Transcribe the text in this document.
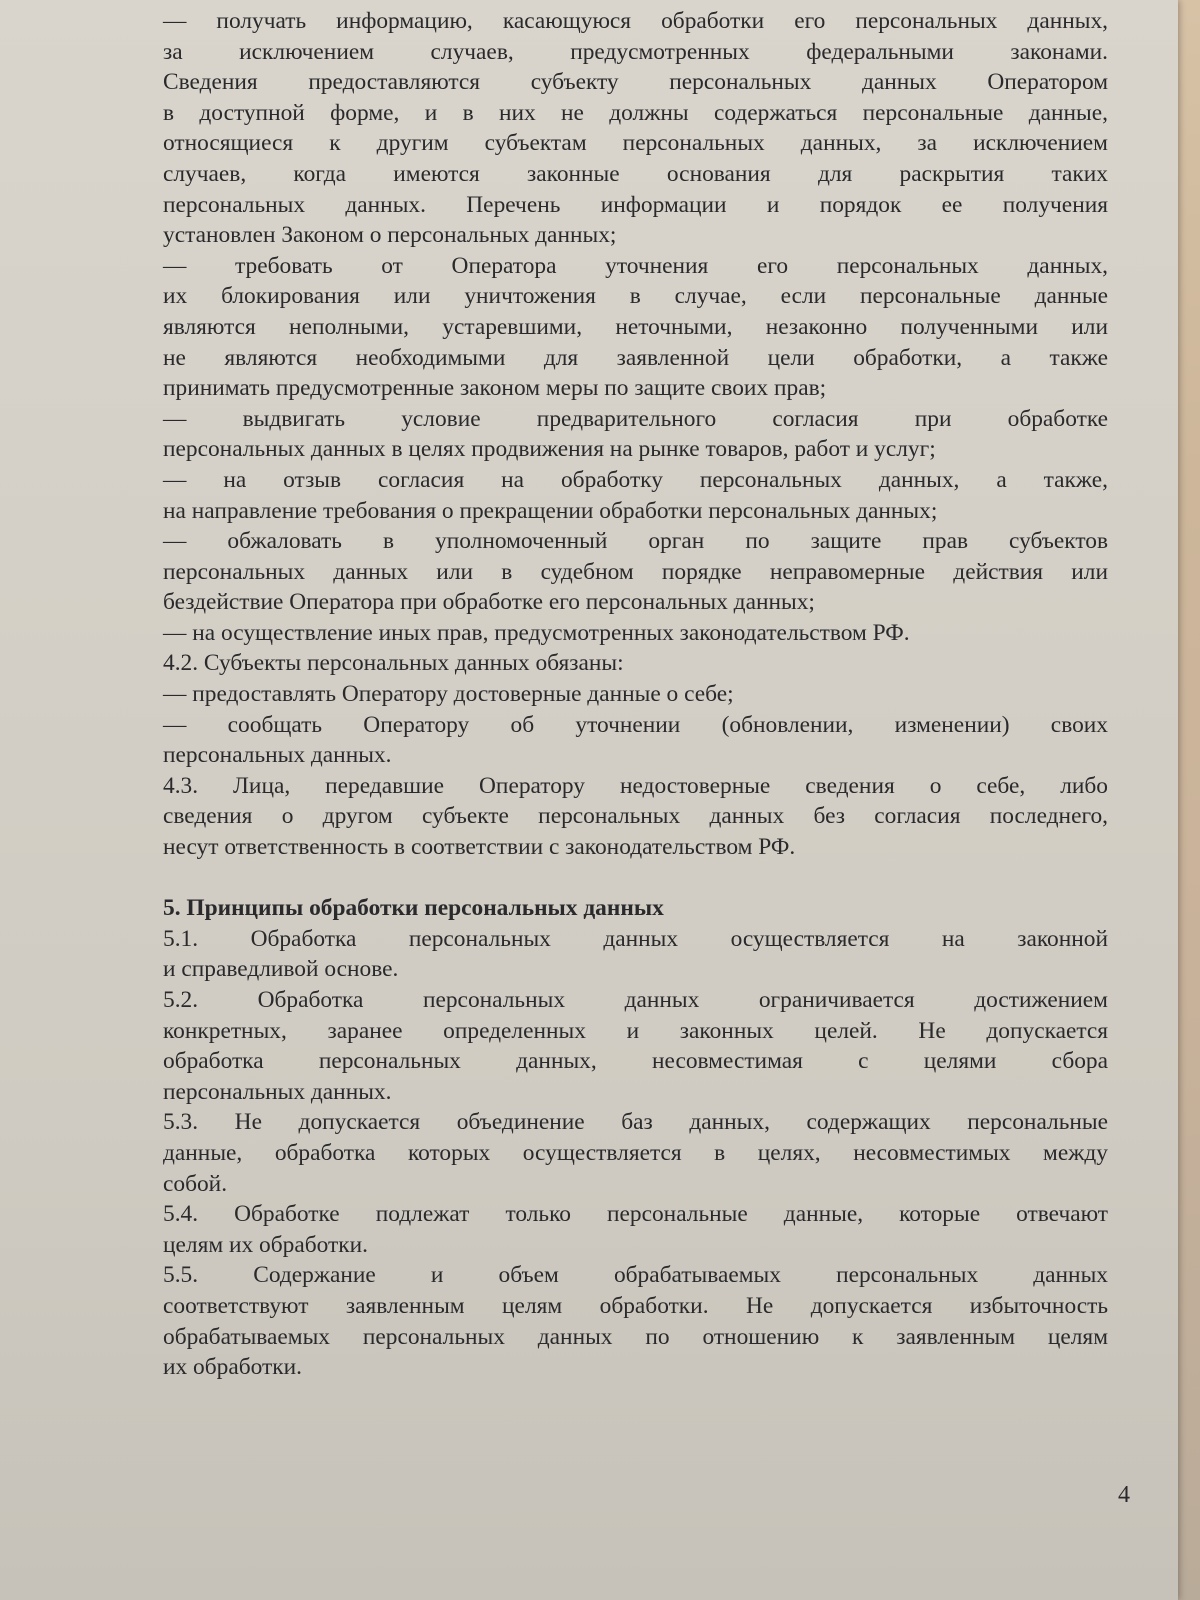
— получать информацию, касающуюся обработки его персональных данных,
за исключением случаев, предусмотренных федеральными законами.
Сведения предоставляются субъекту персональных данных Оператором
в доступной форме, и в них не должны содержаться персональные данные,
относящиеся к другим субъектам персональных данных, за исключением
случаев, когда имеются законные основания для раскрытия таких
персональных данных. Перечень информации и порядок ее получения
установлен Законом о персональных данных;
— требовать от Оператора уточнения его персональных данных,
их блокирования или уничтожения в случае, если персональные данные
являются неполными, устаревшими, неточными, незаконно полученными или
не являются необходимыми для заявленной цели обработки, а также
принимать предусмотренные законом меры по защите своих прав;
— выдвигать условие предварительного согласия при обработке
персональных данных в целях продвижения на рынке товаров, работ и услуг;
— на отзыв согласия на обработку персональных данных, а также,
на направление требования о прекращении обработки персональных данных;
— обжаловать в уполномоченный орган по защите прав субъектов
персональных данных или в судебном порядке неправомерные действия или
бездействие Оператора при обработке его персональных данных;
— на осуществление иных прав, предусмотренных законодательством РФ.
4.2. Субъекты персональных данных обязаны:
— предоставлять Оператору достоверные данные о себе;
— сообщать Оператору об уточнении (обновлении, изменении) своих
персональных данных.
4.3. Лица, передавшие Оператору недостоверные сведения о себе, либо
сведения о другом субъекте персональных данных без согласия последнего,
несут ответственность в соответствии с законодательством РФ.
5. Принципы обработки персональных данных
5.1. Обработка персональных данных осуществляется на законной
и справедливой основе.
5.2. Обработка персональных данных ограничивается достижением
конкретных, заранее определенных и законных целей. Не допускается
обработка персональных данных, несовместимая с целями сбора
персональных данных.
5.3. Не допускается объединение баз данных, содержащих персональные
данные, обработка которых осуществляется в целях, несовместимых между
собой.
5.4. Обработке подлежат только персональные данные, которые отвечают
целям их обработки.
5.5. Содержание и объем обрабатываемых персональных данных
соответствуют заявленным целям обработки. Не допускается избыточность
обрабатываемых персональных данных по отношению к заявленным целям
их обработки.
4
